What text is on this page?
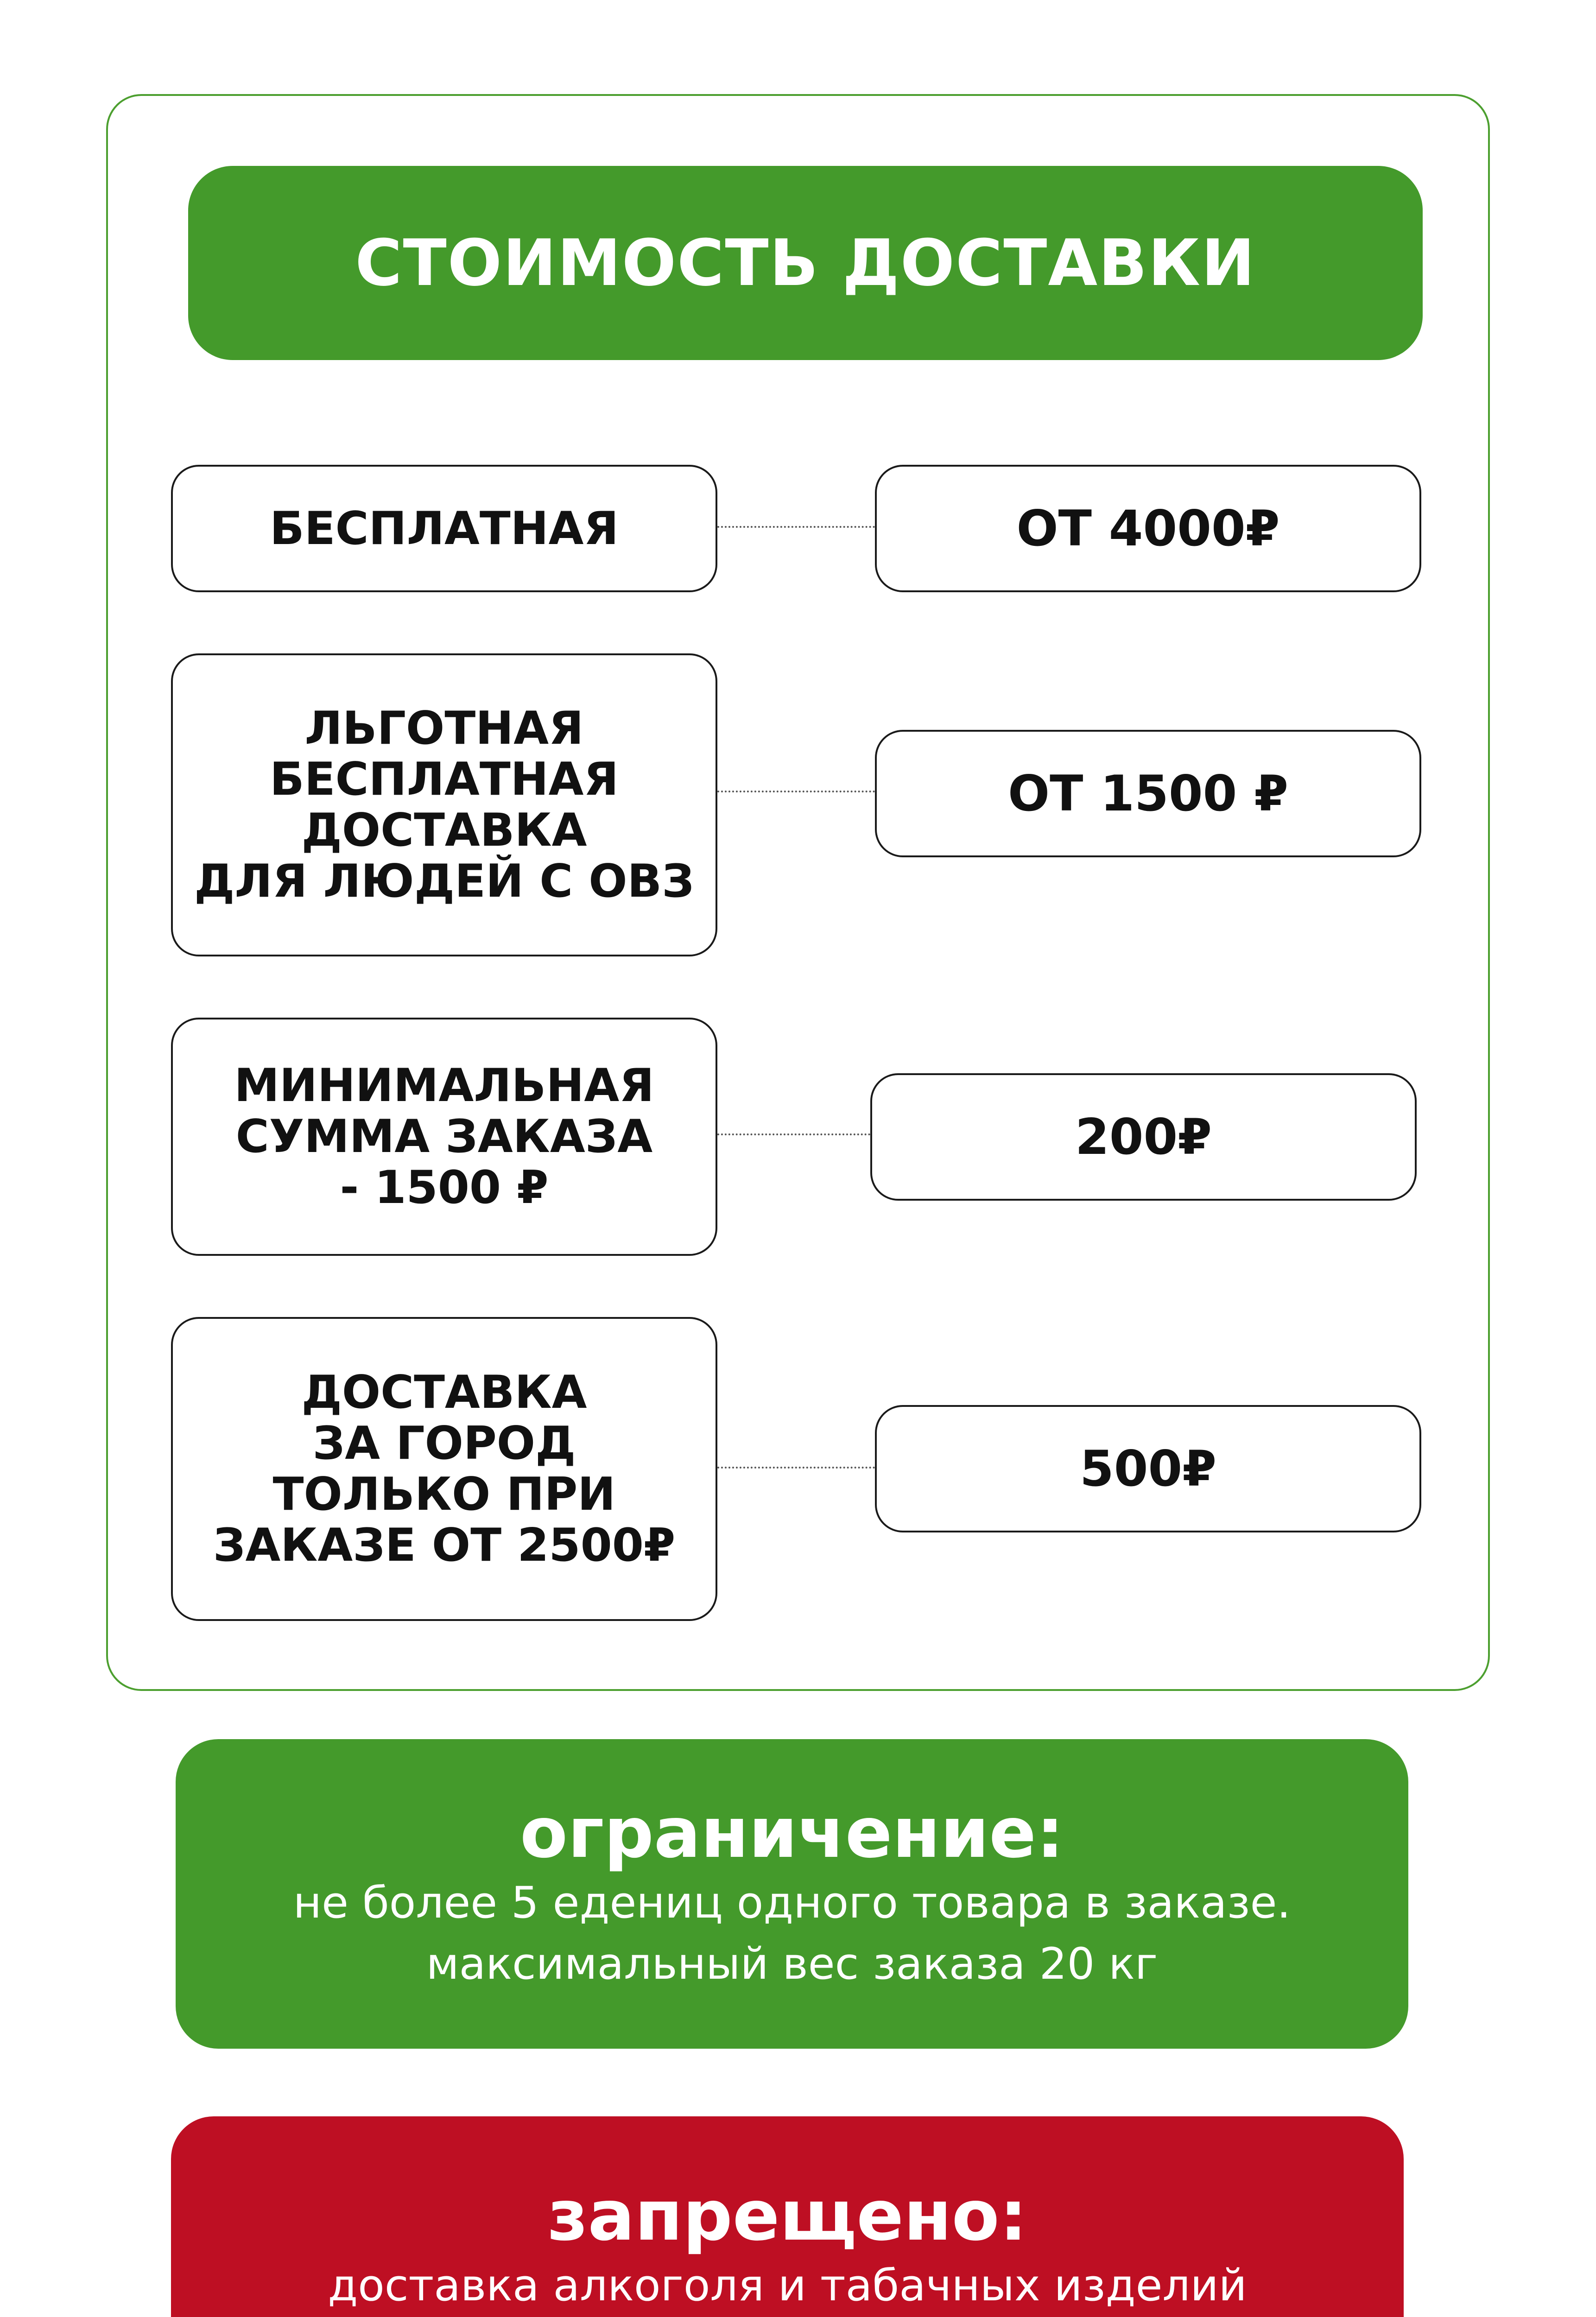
СТОИМОСТЬ ДОСТАВКИ
БЕСПЛАТНАЯ	ОТ 4000₽
ЛЬГОТНАЯ
БЕСПЛАТНАЯ
ДОСТАВКА
ДЛЯ ЛЮДЕЙ С ОВЗ
ОТ 1500 ₽
МИНИМАЛЬНАЯ
СУММА ЗАКАЗА
- 1500 ₽
200₽
ДОСТАВКА
ЗА ГОРОД
ТОЛЬКО ПРИ
ЗАКАЗЕ ОТ 2500₽
500₽
ограничение:
не более 5 едениц одного товара в заказе.
максимальный вес заказа 20 кг
запрещено:
доставка алкоголя и табачных изделий
